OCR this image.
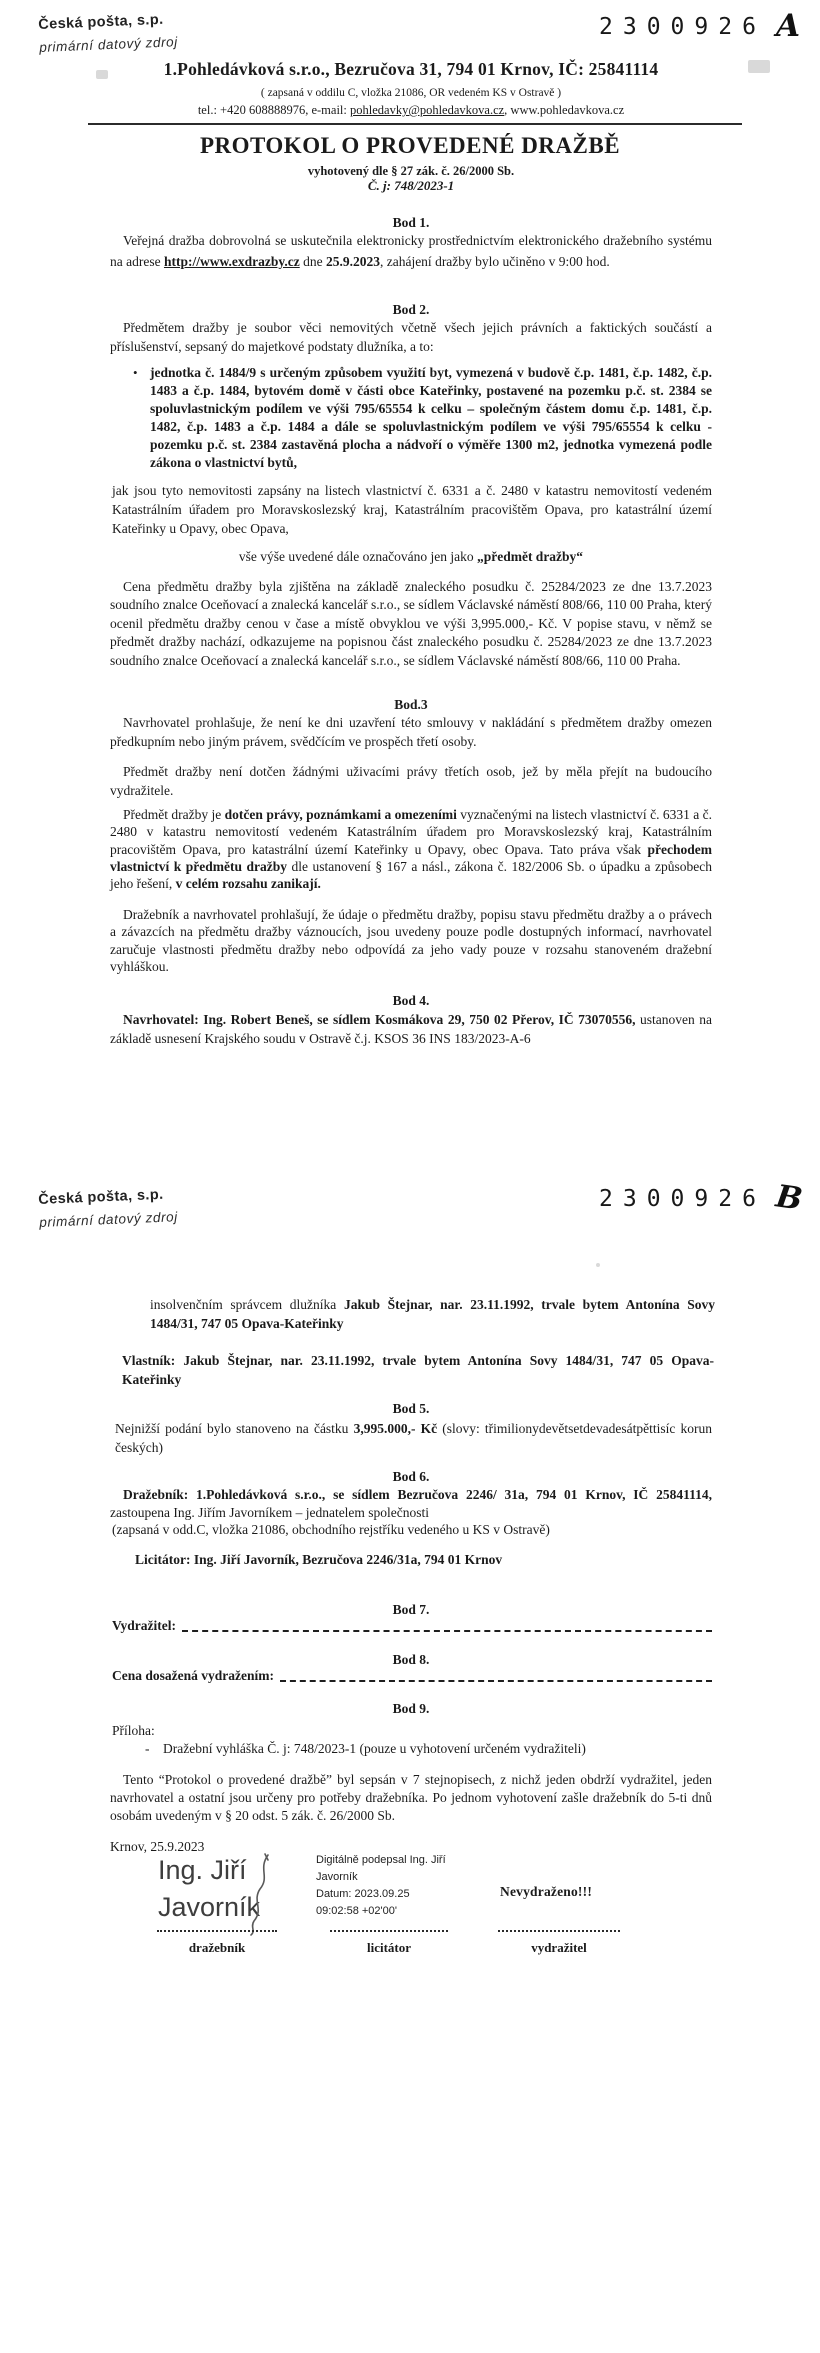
Česká pošta, s.p.
primární datový zdroj
2300926 A
1.Pohledávková s.r.o., Bezručova 31, 794 01 Krnov, IČ: 25841114
( zapsaná v oddilu C, vložka 21086, OR vedeném KS v Ostravě )
tel.: +420 608888976, e-mail: pohledavky@pohledavkova.cz, www.pohledavkova.cz
PROTOKOL O PROVEDENÉ DRAŽBĚ
vyhotovený dle § 27 zák. č. 26/2000 Sb.
Č. j: 748/2023-1
Bod 1.
Veřejná dražba dobrovolná se uskutečnila elektronicky prostřednictvím elektronického dražebního systému na adrese http://www.exdrazby.cz dne 25.9.2023, zahájení dražby bylo učiněno v 9:00 hod.
Bod 2.
Předmětem dražby je soubor věci nemovitých včetně všech jejich právních a faktických součástí a příslušenství, sepsaný do majetkové podstaty dlužníka, a to:
• jednotka č. 1484/9 s určeným způsobem využití byt, vymezená v budově č.p. 1481, č.p. 1482, č.p. 1483 a č.p. 1484, bytovém domě v části obce Kateřinky, postavené na pozemku p.č. st. 2384 se spoluvlastnickým podílem ve výši 795/65554 k celku – společným částem domu č.p. 1481, č.p. 1482, č.p. 1483 a č.p. 1484 a dále se spoluvlastnickým podílem ve výši 795/65554 k celku - pozemku p.č. st. 2384 zastavěná plocha a nádvoří o výměře 1300 m2, jednotka vymezená podle zákona o vlastnictví bytů,
jak jsou tyto nemovitosti zapsány na listech vlastnictví č. 6331 a č. 2480 v katastru nemovitostí vedeném Katastrálním úřadem pro Moravskoslezský kraj, Katastrálním pracovištěm Opava, pro katastrální území Kateřinky u Opavy, obec Opava,
vše výše uvedené dále označováno jen jako „předmět dražby“
Cena předmětu dražby byla zjištěna na základě znaleckého posudku č. 25284/2023 ze dne 13.7.2023 soudního znalce Oceňovací a znalecká kancelář s.r.o., se sídlem Václavské náměstí 808/66, 110 00 Praha, který ocenil předmětu dražby cenou v čase a místě obvyklou ve výši 3,995.000,- Kč. V popise stavu, v němž se předmět dražby nachází, odkazujeme na popisnou část znaleckého posudku č. 25284/2023 ze dne 13.7.2023 soudního znalce Oceňovací a znalecká kancelář s.r.o., se sídlem Václavské náměstí 808/66, 110 00 Praha.
Bod.3
Navrhovatel prohlašuje, že není ke dni uzavření této smlouvy v nakládání s předmětem dražby omezen předkupním nebo jiným právem, svědčícím ve prospěch třetí osoby.
Předmět dražby není dotčen žádnými uživacími právy třetích osob, jež by měla přejít na budoucího vydražitele.
Předmět dražby je dotčen právy, poznámkami a omezeními vyznačenými na listech vlastnictví č. 6331 a č. 2480 v katastru nemovitostí vedeném Katastrálním úřadem pro Moravskoslezský kraj, Katastrálním pracovištěm Opava, pro katastrální území Kateřinky u Opavy, obec Opava. Tato práva však přechodem vlastnictví k předmětu dražby dle ustanovení § 167 a násl., zákona č. 182/2006 Sb. o úpadku a způsobech jeho řešení, v celém rozsahu zanikají.
Dražebník a navrhovatel prohlašují, že údaje o předmětu dražby, popisu stavu předmětu dražby a o právech a závazcích na předmětu dražby váznoucích, jsou uvedeny pouze podle dostupných informací, navrhovatel zaručuje vlastnosti předmětu dražby nebo odpovídá za jeho vady pouze v rozsahu stanoveném dražební vyhláškou.
Bod 4.
Navrhovatel: Ing. Robert Beneš, se sídlem Kosmákova 29, 750 02 Přerov, IČ 73070556, ustanoven na základě usnesení Krajského soudu v Ostravě č.j. KSOS 36 INS 183/2023-A-6
Česká pošta, s.p.
primární datový zdroj
2300926 B
insolvenčním správcem dlužníka Jakub Štejnar, nar. 23.11.1992, trvale bytem Antonína Sovy 1484/31, 747 05 Opava-Kateřinky
Vlastník: Jakub Štejnar, nar. 23.11.1992, trvale bytem Antonína Sovy 1484/31, 747 05 Opava-Kateřinky
Bod 5.
Nejnižší podání bylo stanoveno na částku 3,995.000,- Kč (slovy: třimilionydevětsetdevadesátpěttisíc korun českých)
Bod 6.
Dražebník: 1.Pohledávková s.r.o., se sídlem Bezručova 2246/ 31a, 794 01 Krnov, IČ 25841114, zastoupena Ing. Jiřím Javorníkem – jednatelem společnosti
(zapsaná v odd.C, vložka 21086, obchodního rejstříku vedeného u KS v Ostravě)
Licitátor: Ing. Jiří Javorník, Bezručova 2246/31a, 794 01 Krnov
Bod 7.
Vydražitel:
Bod 8.
Cena dosažená vydražením:
Bod 9.
Příloha:
-	Dražební vyhláška Č. j: 748/2023-1 (pouze u vyhotovení určeném vydražiteli)
Tento “Protokol o provedené dražbě” byl sepsán v 7 stejnopisech, z nichž jeden obdrží vydražitel, jeden navrhovatel a ostatní jsou určeny pro potřeby dražebníka. Po jednom vyhotovení zašle dražebník do 5-ti dnů osobám uvedeným v § 20 odst. 5 zák. č. 26/2000 Sb.
Krnov, 25.9.2023
Ing. Jiří
Javorník
Digitálně podepsal Ing. Jiří
Javorník
Datum: 2023.09.25
09:02:58 +02'00'
Nevydraženo!!!
dražebník	licitátor	vydražitel
